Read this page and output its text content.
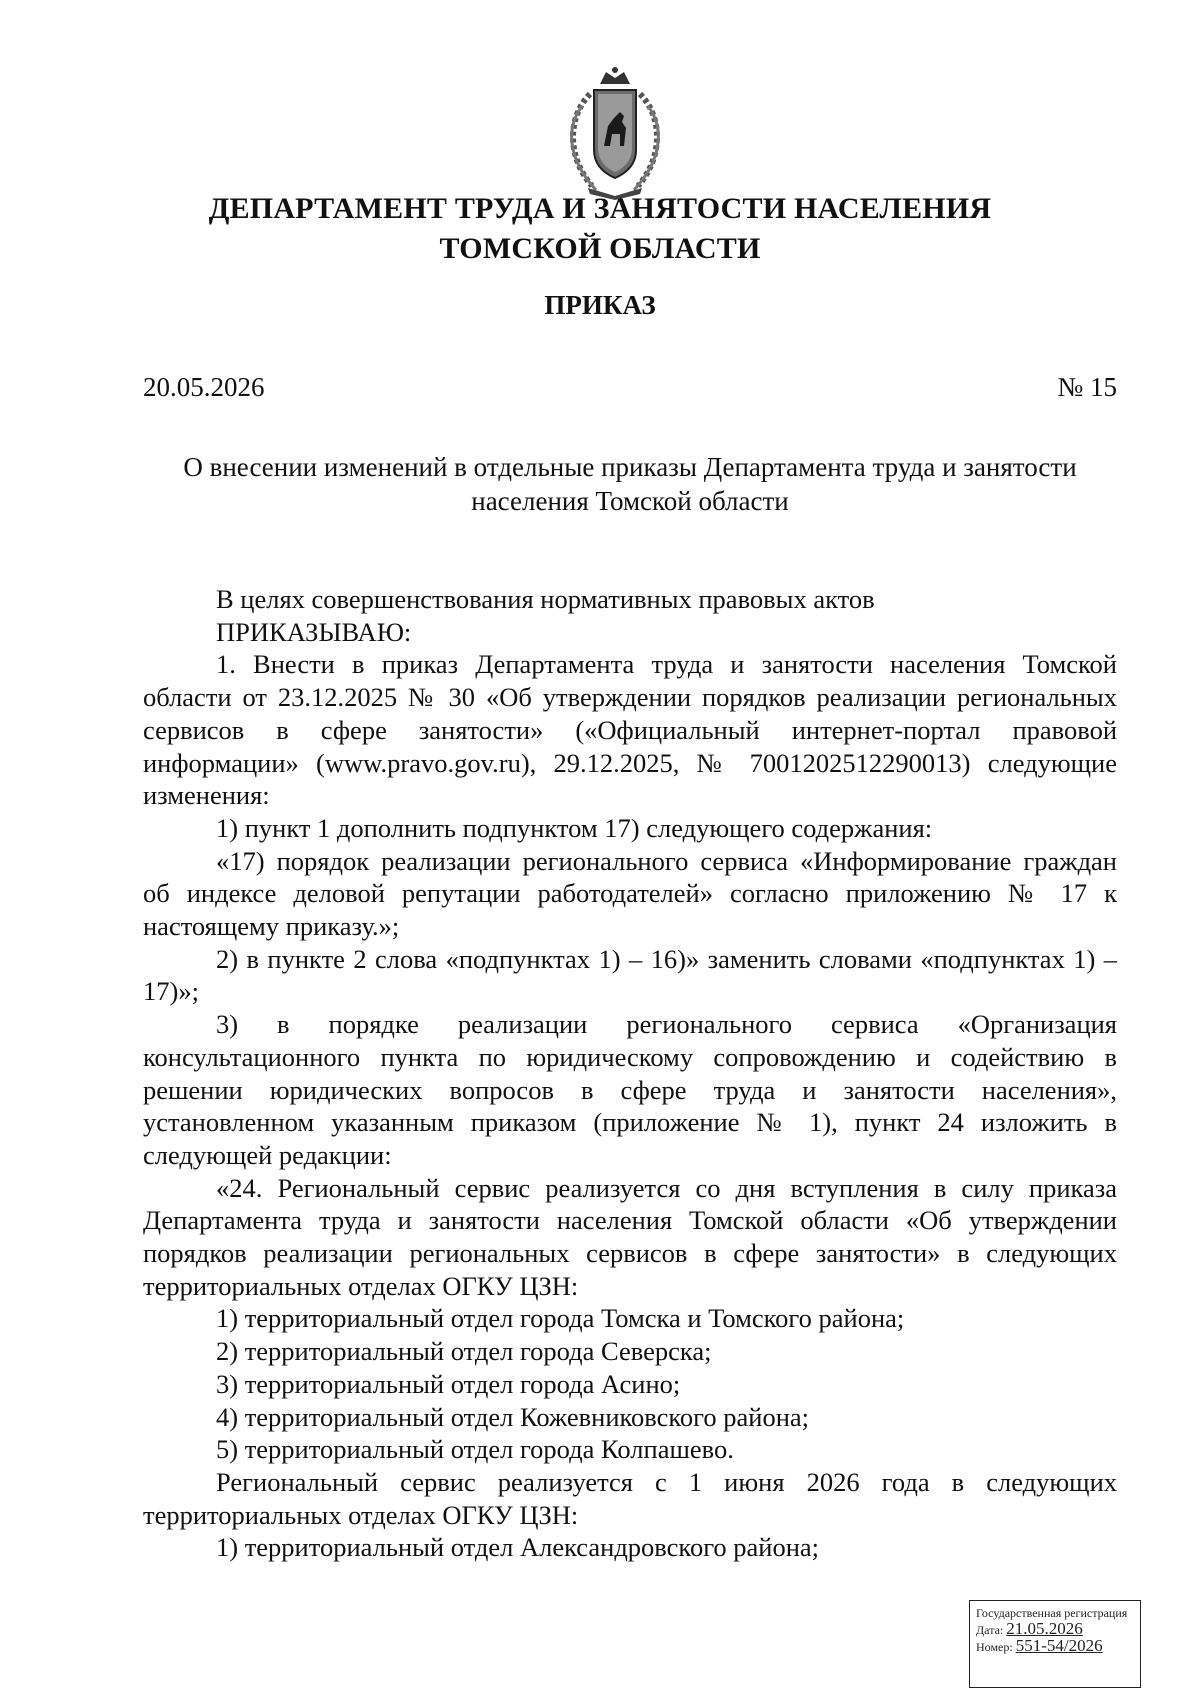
ДЕПАРТАМЕНТ ТРУДА И ЗАНЯТОСТИ НАСЕЛЕНИЯ
ТОМСКОЙ ОБЛАСТИ
ПРИКАЗ
20.05.2026	№ 15
О внесении изменений в отдельные приказы Департамента труда и занятости
населения Томской области

В целях совершенствования нормативных правовых актов

ПРИКАЗЫВАЮ:

1. Внести в приказ Департамента труда и занятости населения Томской области от 23.12.2025 № 30 «Об утверждении порядков реализации региональных сервисов в сфере занятости» («Официальный интернет-портал правовой информации» (www.pravo.gov.ru), 29.12.2025, № 7001202512290013) следующие изменения:

1) пункт 1 дополнить подпунктом 17) следующего содержания:

«17) порядок реализации регионального сервиса «Информирование граждан об индексе деловой репутации работодателей» согласно приложению № 17 к настоящему приказу.»;

2) в пункте 2 слова «подпунктах 1) – 16)» заменить словами «подпунктах 1) – 17)»;

3) в порядке реализации регионального сервиса «Организация консультационного пункта по юридическому сопровождению и содействию в решении юридических вопросов в сфере труда и занятости населения», установленном указанным приказом (приложение № 1), пункт 24 изложить в следующей редакции:

«24. Региональный сервис реализуется со дня вступления в силу приказа Департамента труда и занятости населения Томской области «Об утверждении порядков реализации региональных сервисов в сфере занятости» в следующих территориальных отделах ОГКУ ЦЗН:

1) территориальный отдел города Томска и Томского района;

2) территориальный отдел города Северска;

3) территориальный отдел города Асино;

4) территориальный отдел Кожевниковского района;

5) территориальный отдел города Колпашево.

Региональный сервис реализуется с 1 июня 2026 года в следующих территориальных отделах ОГКУ ЦЗН:

1) территориальный отдел Александровского района;

Государственная регистрация
Дата: 21.05.2026
Номер: 551-54/2026
